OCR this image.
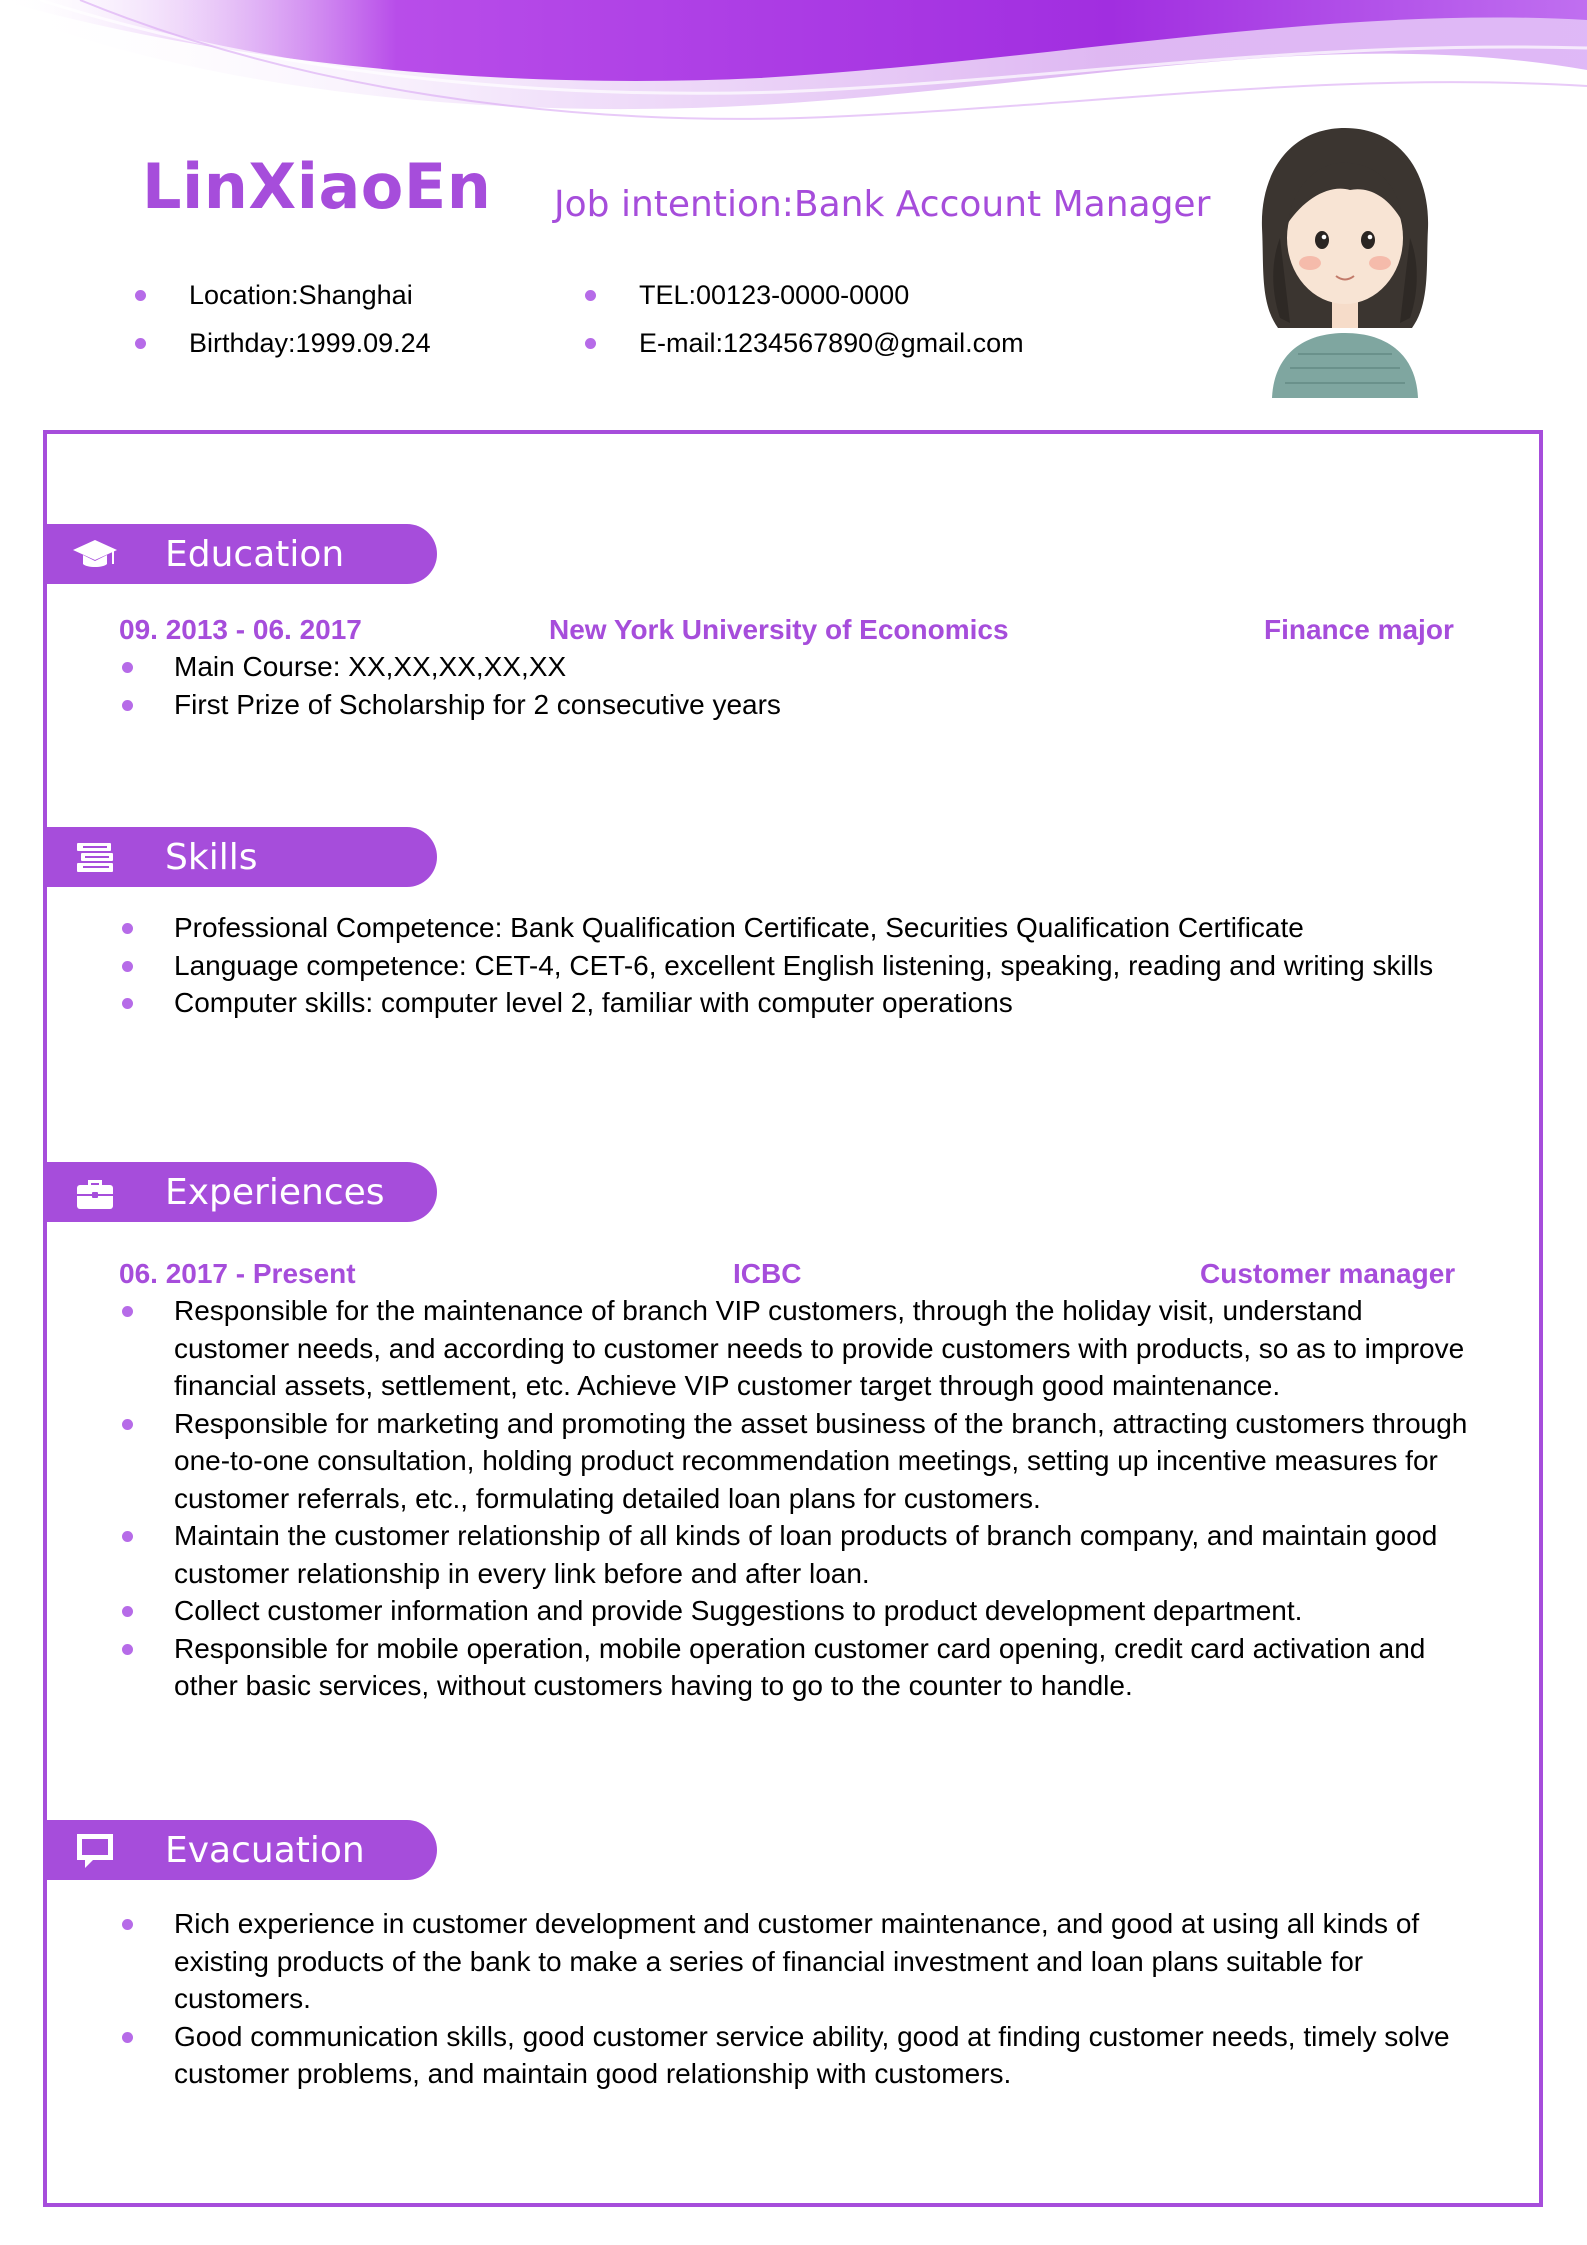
LinXiaoEn Job intention:Bank Account Manager
Location:Shanghai
Birthday:1999.09.24
TEL:00123-0000-0000
E-mail:1234567890@gmail.com
Education
09. 2013 - 06. 2017	New York University of Economics	Finance major
Main Course: XX,XX,XX,XX,XX
First Prize of Scholarship for 2 consecutive years
Skills
Professional Competence: Bank Qualification Certificate, Securities Qualification Certificate
Language competence: CET-4, CET-6, excellent English listening, speaking, reading and writing skills
Computer skills: computer level 2, familiar with computer operations
Experiences
06. 2017 - Present	ICBC	Customer manager
Responsible for the maintenance of branch VIP customers, through the holiday visit, understand customer needs, and according to customer needs to provide customers with products, so as to improve financial assets, settlement, etc. Achieve VIP customer target through good maintenance.
Responsible for marketing and promoting the asset business of the branch, attracting customers through one-to-one consultation, holding product recommendation meetings, setting up incentive measures for customer referrals, etc., formulating detailed loan plans for customers.
Maintain the customer relationship of all kinds of loan products of branch company, and maintain good customer relationship in every link before and after loan.
Collect customer information and provide Suggestions to product development department.
Responsible for mobile operation, mobile operation customer card opening, credit card activation and other basic services, without customers having to go to the counter to handle.
Evacuation
Rich experience in customer development and customer maintenance, and good at using all kinds of existing products of the bank to make a series of financial investment and loan plans suitable for customers.
Good communication skills, good customer service ability, good at finding customer needs, timely solve customer problems, and maintain good relationship with customers.
